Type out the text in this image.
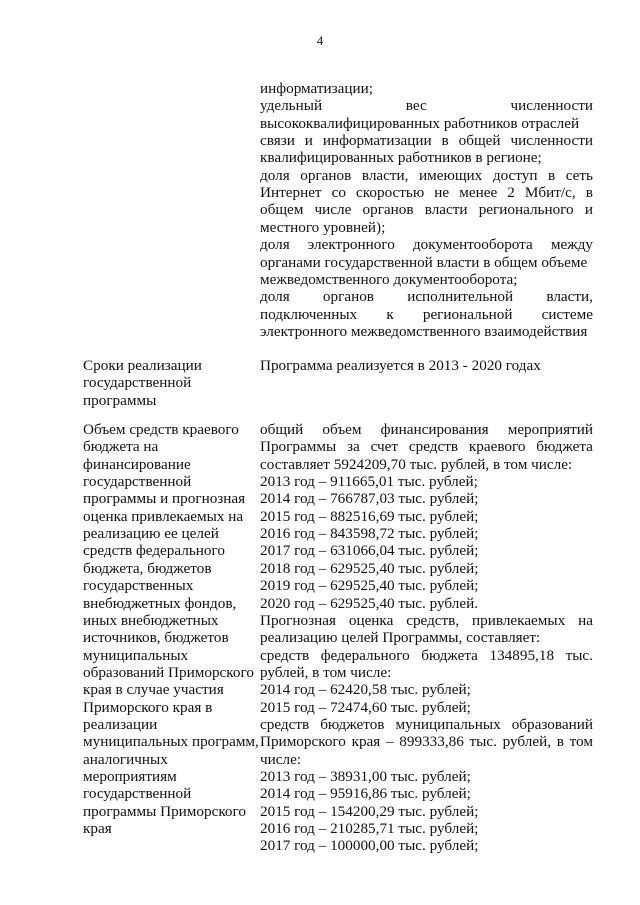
4
информатизации;
удельный	вес	численности
высококвалифицированных работников отраслей
связи и информатизации в общей численности
квалифицированных работников в регионе;
доля органов власти, имеющих доступ в сеть
Интернет со скоростью не менее 2 Мбит/с, в
общем числе органов власти регионального и
местного уровней);
доля электронного документооборота между
органами государственной власти в общем объеме
межведомственного документооборота;
доля органов исполнительной власти,
подключенных к региональной системе
электронного межведомственного взаимодействия
Сроки реализации
государственной
программы
Программа реализуется в 2013 - 2020 годах
Объем средств краевого
бюджета на
финансирование
государственной
программы и прогнозная
оценка привлекаемых на
реализацию ее целей
средств федерального
бюджета, бюджетов
государственных
внебюджетных фондов,
иных внебюджетных
источников, бюджетов
муниципальных
образований Приморского
края в случае участия
Приморского края в
реализации
муниципальных программ,
аналогичных
мероприятиям
государственной
программы Приморского
края
общий объем финансирования мероприятий
Программы за счет средств краевого бюджета
составляет 5924209,70 тыс. рублей, в том числе:
2013 год – 911665,01 тыс. рублей;
2014 год – 766787,03 тыс. рублей;
2015 год – 882516,69 тыс. рублей;
2016 год – 843598,72 тыс. рублей;
2017 год – 631066,04 тыс. рублей;
2018 год – 629525,40 тыс. рублей;
2019 год – 629525,40 тыс. рублей;
2020 год – 629525,40 тыс. рублей.
Прогнозная оценка средств, привлекаемых на
реализацию целей Программы, составляет:
средств федерального бюджета 134895,18 тыс.
рублей, в том числе:
2014 год – 62420,58 тыс. рублей;
2015 год – 72474,60 тыс. рублей;
средств бюджетов муниципальных образований
Приморского края – 899333,86 тыс. рублей, в том
числе:
2013 год – 38931,00 тыс. рублей;
2014 год – 95916,86 тыс. рублей;
2015 год – 154200,29 тыс. рублей;
2016 год – 210285,71 тыс. рублей;
2017 год – 100000,00 тыс. рублей;
